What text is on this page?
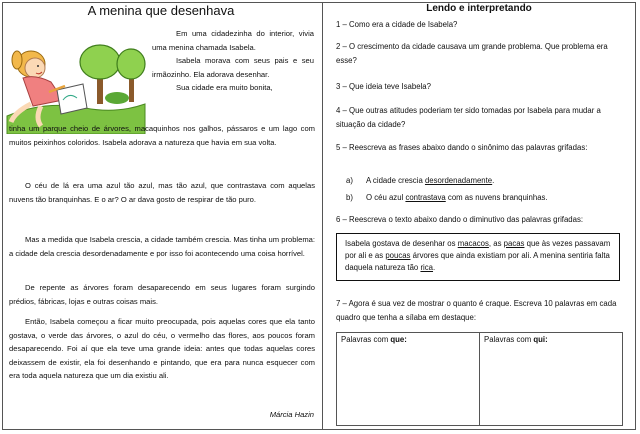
A menina que desenhava

Em uma cidadezinha do interior, vivia uma menina chamada Isabela.
Isabela morava com seus pais e seu irmãozinho. Ela adorava desenhar.
Sua cidade era muito bonita,

tinha um parque cheio de árvores, macaquinhos nos galhos, pássaros e um lago com muitos peixinhos coloridos. Isabela adorava a natureza que havia em sua volta.

O céu de lá era uma azul tão azul, mas tão azul, que contrastava com aquelas nuvens tão branquinhas. E o ar? O ar dava gosto de respirar de tão puro.

Mas a medida que Isabela crescia, a cidade também crescia. Mas tinha um problema: a cidade dela crescia desordenadamente e por isso foi acontecendo uma coisa horrível.

De repente as árvores foram desaparecendo em seus lugares foram surgindo prédios, fábricas, lojas e outras coisas mais.

Então, Isabela começou a ficar muito preocupada, pois aquelas cores que ela tanto gostava, o verde das árvores, o azul do céu, o vermelho das flores, aos poucos foram desaparecendo. Foi aí que ela teve uma grande ideia: antes que todas aquelas cores deixassem de existir, ela foi desenhando e pintando, que era para nunca esquecer com era toda aquela natureza que um dia existiu ali.

Márcia Hazin
Lendo e interpretando

1 – Como era a cidade de Isabela?

2 – O crescimento da cidade causava um grande problema. Que problema era esse?

3 – Que ideia teve Isabela?

4 – Que outras atitudes poderiam ter sido tomadas por Isabela para mudar a situação da cidade?

5 – Reescreva as frases abaixo dando o sinônimo das palavras grifadas:

a) A cidade crescia desordenadamente.

b) O céu azul contrastava com as nuvens branquinhas.

6 – Reescreva o texto abaixo dando o diminutivo das palavras grifadas:

Isabela gostava de desenhar os macacos, as pacas que às vezes passavam por ali e as poucas árvores que ainda existiam por ali. A menina sentiria falta daquela natureza tão rica.

7 – Agora é sua vez de mostrar o quanto é craque. Escreva 10 palavras em cada quadro que tenha a sílaba em destaque:

Palavras com que:	Palavras com qui:
